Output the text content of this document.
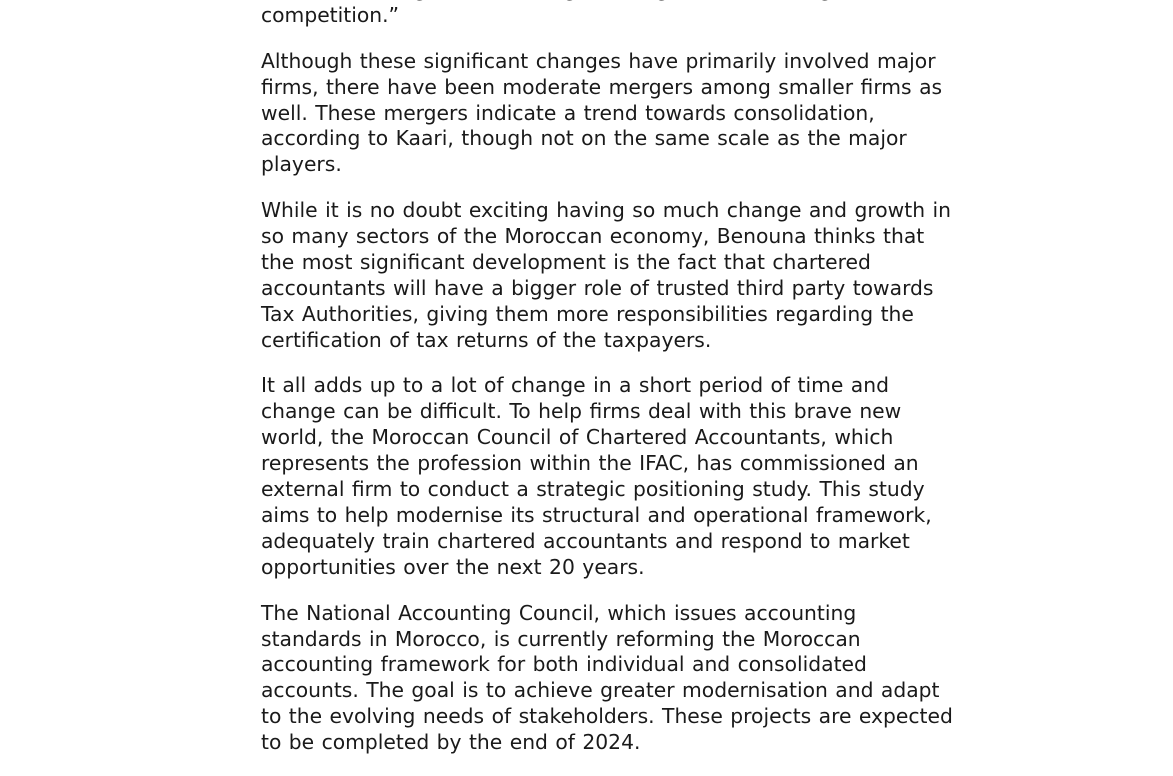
competition.”

Although these significant changes have primarily involved major firms, there have been moderate mergers among smaller firms as well. These mergers indicate a trend towards consolidation, according to Kaari, though not on the same scale as the major players.

While it is no doubt exciting having so much change and growth in so many sectors of the Moroccan economy, Benouna thinks that the most significant development is the fact that chartered accountants will have a bigger role of trusted third party towards Tax Authorities, giving them more responsibilities regarding the certification of tax returns of the taxpayers.

It all adds up to a lot of change in a short period of time and change can be difficult. To help firms deal with this brave new world, the Moroccan Council of Chartered Accountants, which represents the profession within the IFAC, has commissioned an external firm to conduct a strategic positioning study. This study aims to help modernise its structural and operational framework, adequately train chartered accountants and respond to market opportunities over the next 20 years.

The National Accounting Council, which issues accounting standards in Morocco, is currently reforming the Moroccan accounting framework for both individual and consolidated accounts. The goal is to achieve greater modernisation and adapt to the evolving needs of stakeholders. These projects are expected to be completed by the end of 2024.
